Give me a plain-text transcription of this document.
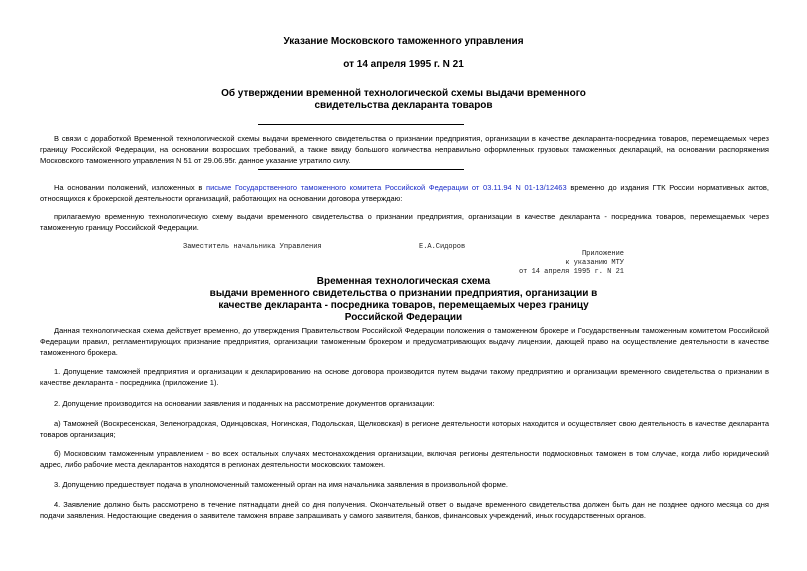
Указание Московского таможенного управления
от 14 апреля 1995 г. N 21
Об утверждении временной технологической схемы выдачи временного
свидетельства декларанта товаров
В связи с доработкой Временной технологической схемы выдачи временного свидетельства о признании предприятия, организации в качестве декларанта-посредника товаров, перемещаемых через границу Российской Федерации, на основании возросших требований, а также ввиду большого количества неправильно оформленных грузовых таможенных деклараций, на основании распоряжения Московского таможенного управления N 51 от 29.06.95г. данное указание утратило силу.
На основании положений, изложенных в письме Государственного таможенного комитета Российской Федерации от 03.11.94 N 01-13/12463 временно до издания ГТК России нормативных актов, относящихся к брокерской деятельности организаций, работающих на основании договора утверждаю:
прилагаемую временную технологическую схему выдачи временного свидетельства о признании предприятия, организации в качестве декларанта - посредника товаров, перемещаемых через таможенную границу Российской Федерации.
Заместитель начальника Управления	Е.А.Сидоров
Приложение
к указанию МТУ
от 14 апреля 1995 г. N 21
Временная технологическая схема
выдачи временного свидетельства о признании предприятия, организации в
качестве декларанта - посредника товаров, перемещаемых через границу
Российской Федерации
Данная технологическая схема действует временно, до утверждения Правительством Российской Федерации положения о таможенном брокере и Государственным таможенным комитетом Российской Федерации правил, регламентирующих признание предприятия, организации таможенным брокером и предусматривающих выдачу лицензии, дающей право на осуществление деятельности в качестве таможенного брокера.
1. Допущение таможней предприятия и организации к декларированию на основе договора производится путем выдачи такому предприятию и организации временного свидетельства о признании в качестве декларанта - посредника (приложение 1).
2. Допущение производится на основании заявления и поданных на рассмотрение документов организации:
а) Таможней (Воскресенская, Зеленоградская, Одинцовская, Ногинская, Подольская, Щелковская) в регионе деятельности которых находится и осуществляет свою деятельность в качестве декларанта товаров организация;
б) Московским таможенным управлением - во всех остальных случаях местонахождения организации, включая регионы деятельности подмосковных таможен в том случае, когда либо юридический адрес, либо рабочие места декларантов находятся в регионах деятельности московских таможен.
3. Допущению предшествует подача в уполномоченный таможенный орган на имя начальника заявления в произвольной форме.
4. Заявление должно быть рассмотрено в течение пятнадцати дней со дня получения. Окончательный ответ о выдаче временного свидетельства должен быть дан не позднее одного месяца со дня подачи заявления. Недостающие сведения о заявителе таможня вправе запрашивать у самого заявителя, банков, финансовых учреждений, иных государственных органов.
